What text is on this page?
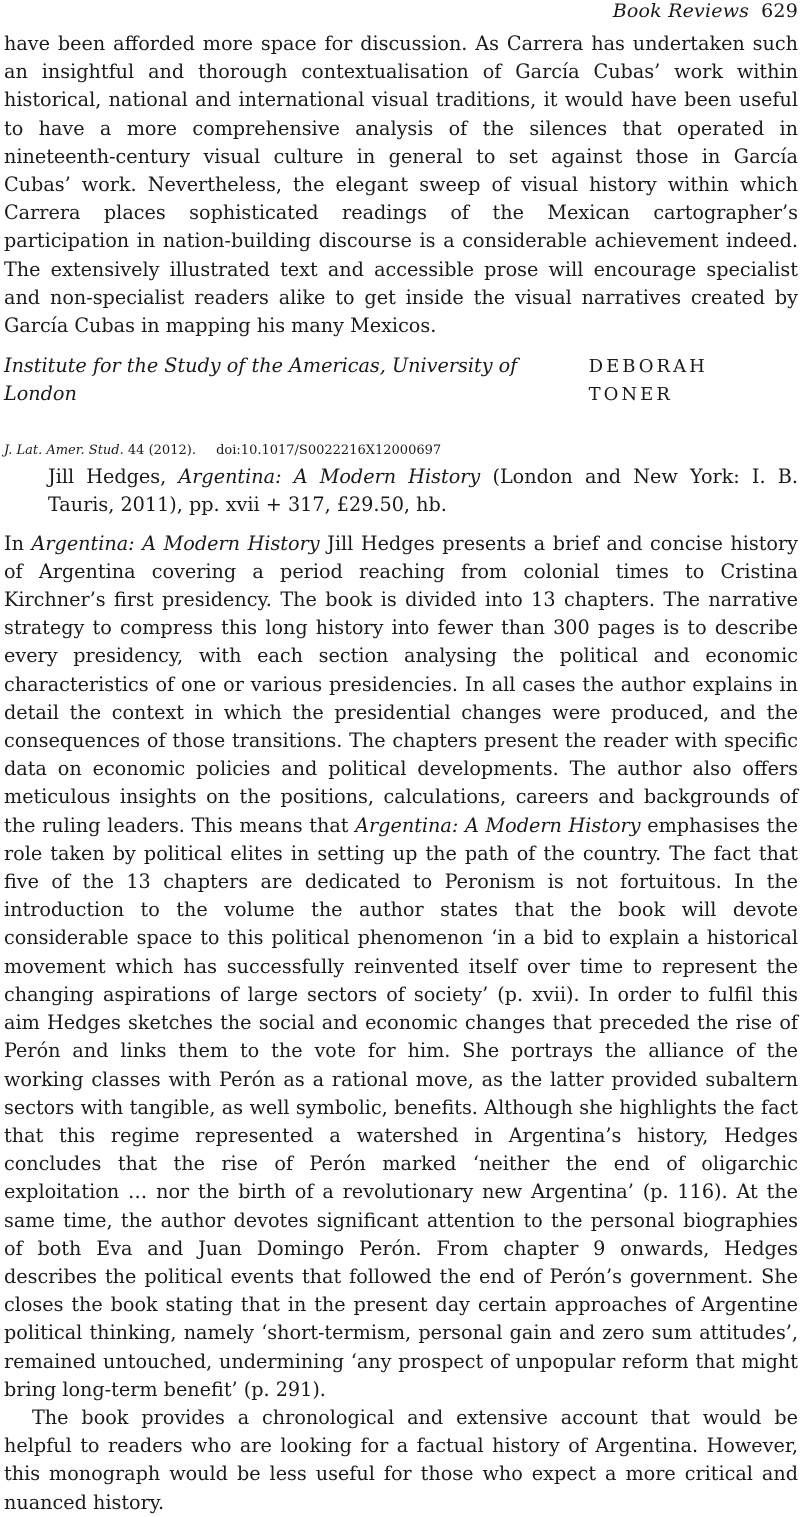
Book Reviews 629

have been afforded more space for discussion. As Carrera has undertaken such an insightful and thorough contextualisation of García Cubas’ work within historical, national and international visual traditions, it would have been useful to have a more comprehensive analysis of the silences that operated in nineteenth-century visual culture in general to set against those in García Cubas’ work. Nevertheless, the elegant sweep of visual history within which Carrera places sophisticated readings of the Mexican cartographer’s participation in nation-building discourse is a considerable achievement indeed. The extensively illustrated text and accessible prose will encourage specialist and non-specialist readers alike to get inside the visual narratives created by García Cubas in mapping his many Mexicos.

Institute for the Study of the Americas, University of London
DEBORAH TONER
J. Lat. Amer. Stud. 44 (2012). doi:10.1017/S0022216X12000697

Jill Hedges, Argentina: A Modern History (London and New York: I. B. Tauris, 2011), pp. xvii + 317, £29.50, hb.

In Argentina: A Modern History Jill Hedges presents a brief and concise history of Argentina covering a period reaching from colonial times to Cristina Kirchner’s first presidency. The book is divided into 13 chapters. The narrative strategy to compress this long history into fewer than 300 pages is to describe every presidency, with each section analysing the political and economic characteristics of one or various presidencies. In all cases the author explains in detail the context in which the presidential changes were produced, and the consequences of those transitions. The chapters present the reader with specific data on economic policies and political developments. The author also offers meticulous insights on the positions, calculations, careers and backgrounds of the ruling leaders. This means that Argentina: A Modern History emphasises the role taken by political elites in setting up the path of the country. The fact that five of the 13 chapters are dedicated to Peronism is not fortuitous. In the introduction to the volume the author states that the book will devote considerable space to this political phenomenon ‘in a bid to explain a historical movement which has successfully reinvented itself over time to represent the changing aspirations of large sectors of society’ (p. xvii). In order to fulfil this aim Hedges sketches the social and economic changes that preceded the rise of Perón and links them to the vote for him. She portrays the alliance of the working classes with Perón as a rational move, as the latter provided subaltern sectors with tangible, as well symbolic, benefits. Although she highlights the fact that this regime represented a watershed in Argentina’s history, Hedges concludes that the rise of Perón marked ‘neither the end of oligarchic exploitation … nor the birth of a revolutionary new Argentina’ (p. 116). At the same time, the author devotes significant attention to the personal biographies of both Eva and Juan Domingo Perón. From chapter 9 onwards, Hedges describes the political events that followed the end of Perón’s government. She closes the book stating that in the present day certain approaches of Argentine political thinking, namely ‘short-termism, personal gain and zero sum attitudes’, remained untouched, undermining ‘any prospect of unpopular reform that might bring long-term benefit’ (p. 291).

The book provides a chronological and extensive account that would be helpful to readers who are looking for a factual history of Argentina. However, this monograph would be less useful for those who expect a more critical and nuanced history.
